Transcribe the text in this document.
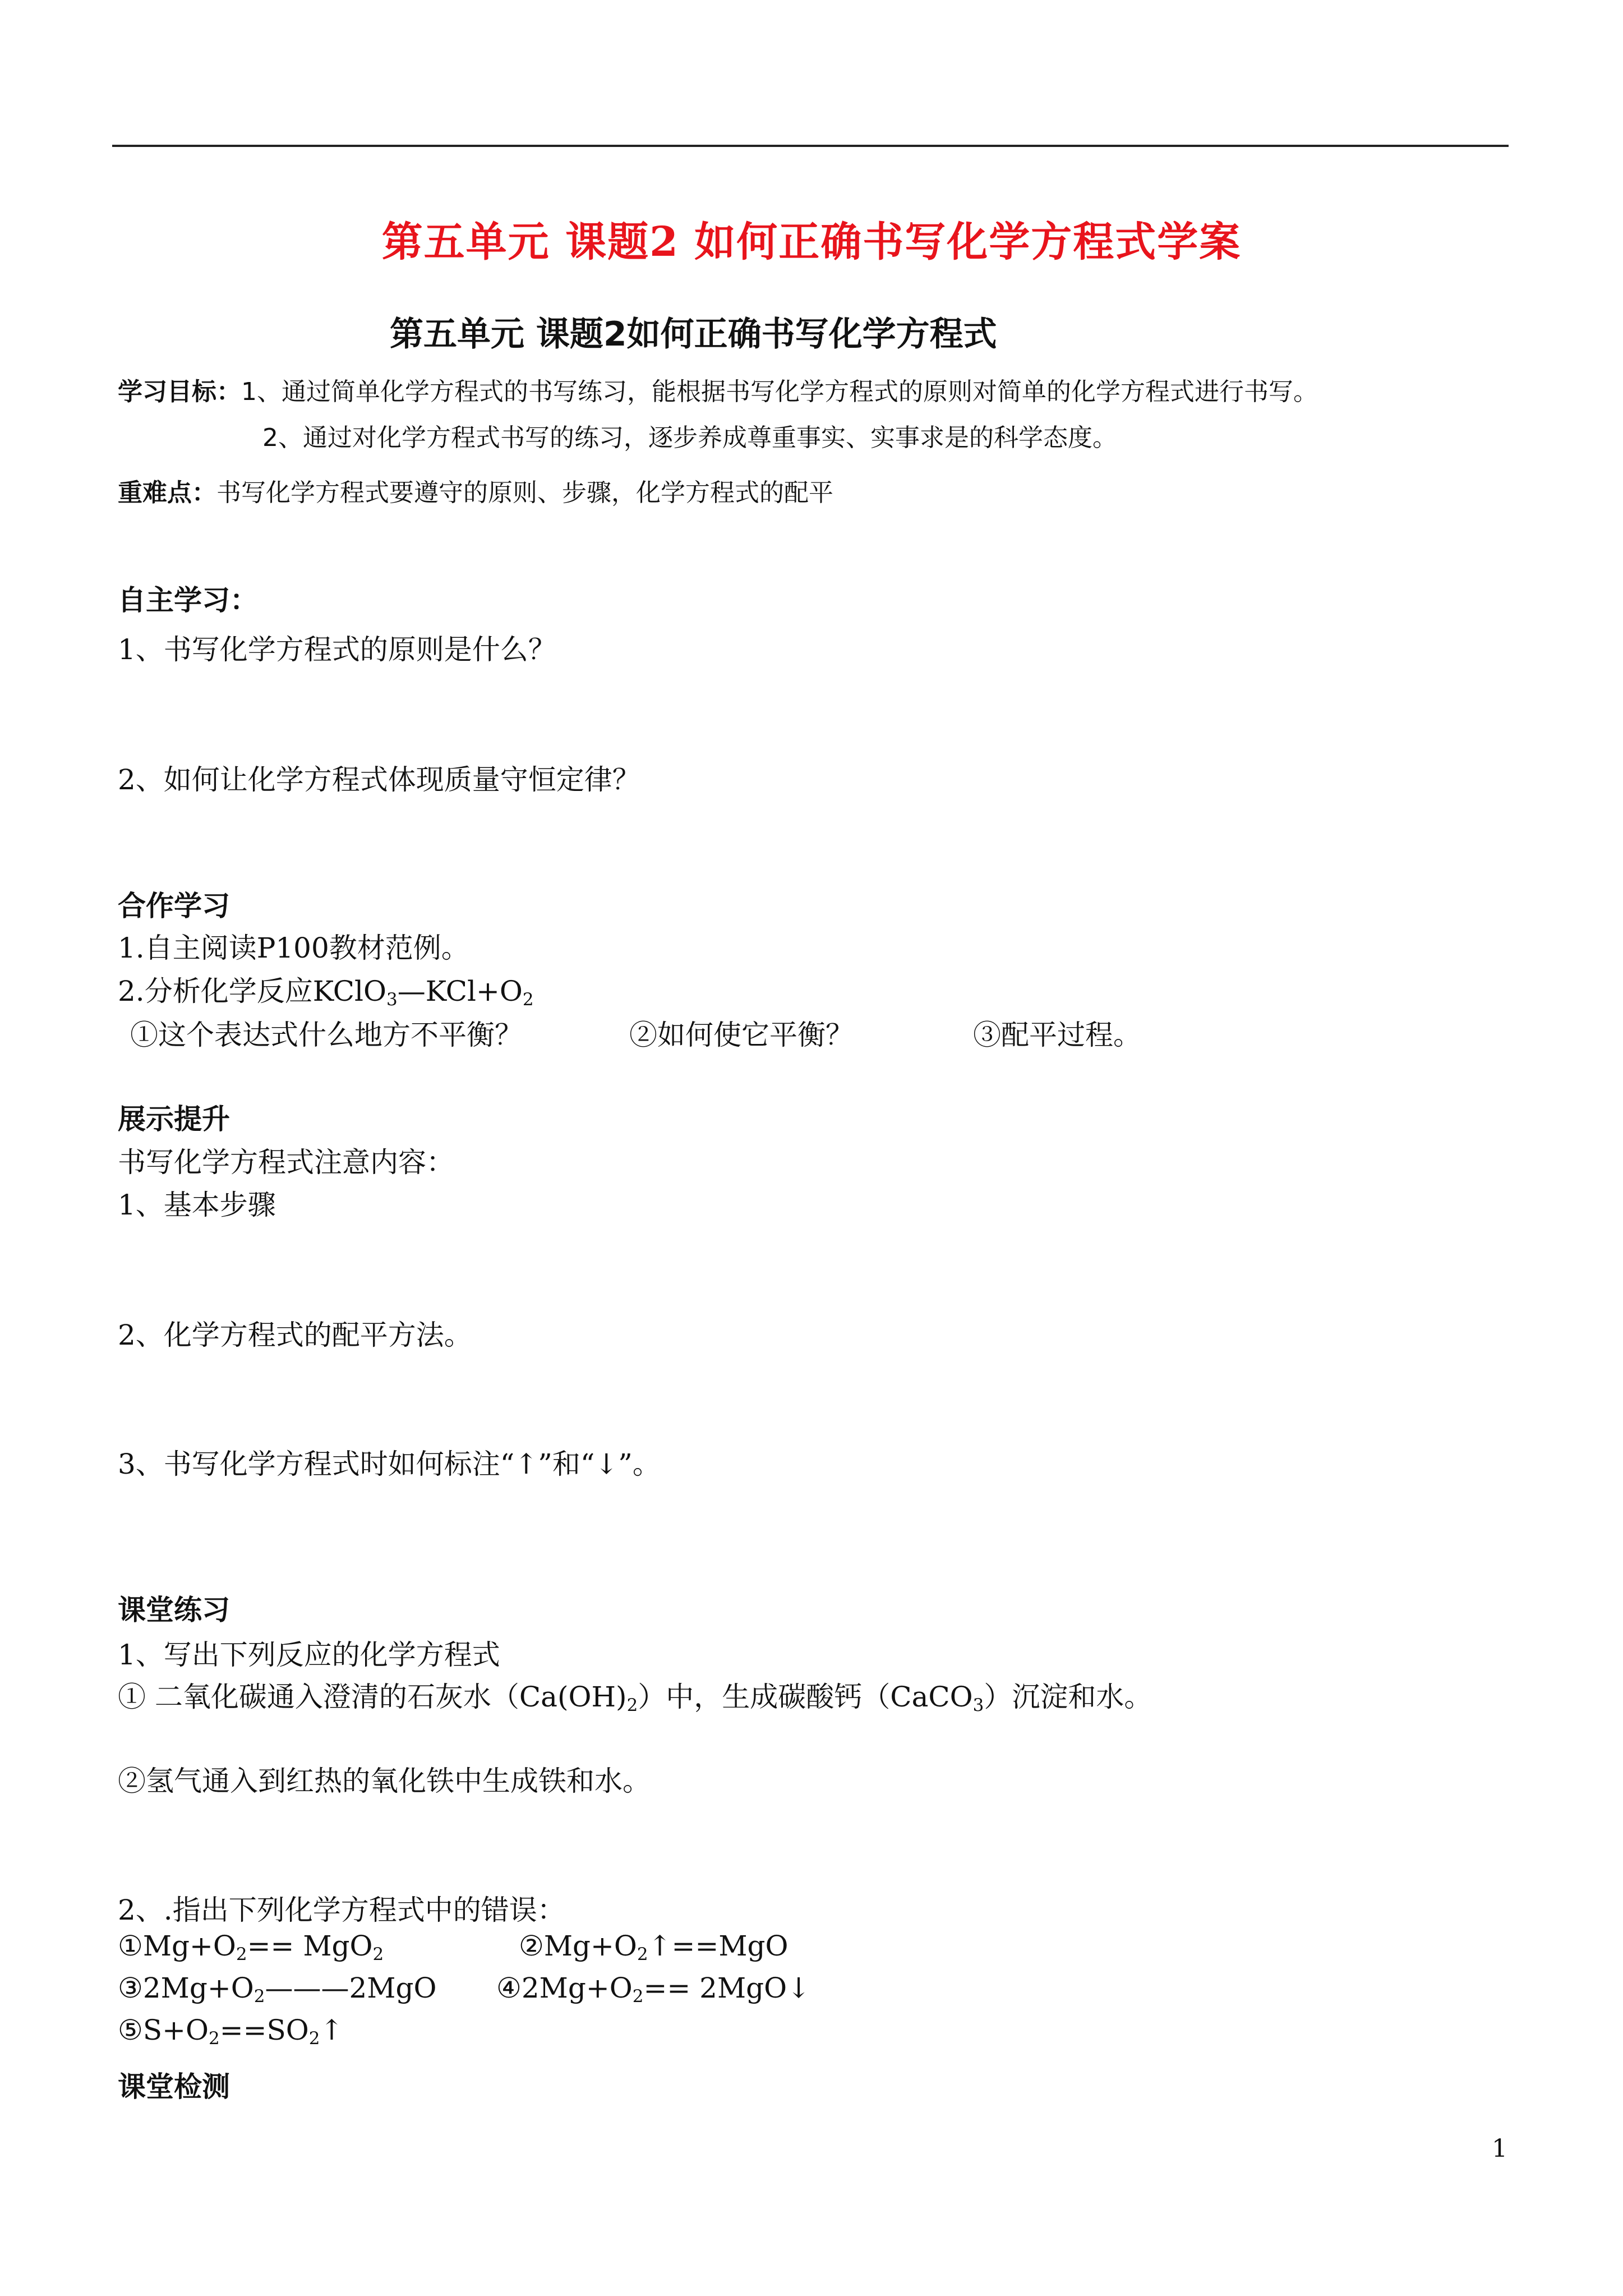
第五单元 课题2 如何正确书写化学方程式学案
第五单元 课题2如何正确书写化学方程式
学习目标：1、通过简单化学方程式的书写练习，能根据书写化学方程式的原则对简单的化学方程式进行书写。
2、通过对化学方程式书写的练习，逐步养成尊重事实、实事求是的科学态度。
重难点：书写化学方程式要遵守的原则、步骤，化学方程式的配平
自主学习：
1、书写化学方程式的原则是什么？
2、如何让化学方程式体现质量守恒定律？
合作学习
1.自主阅读P100教材范例。
2.分析化学反应$KClO_3—KCl+O_2$
①这个表达式什么地方不平衡？	②如何使它平衡？	③配平过程。
展示提升
书写化学方程式注意内容：
1、基本步骤
2、化学方程式的配平方法。
3、书写化学方程式时如何标注“↑”和“↓”。
课堂练习
1、写出下列反应的化学方程式
① 二氧化碳通入澄清的石灰水$(Ca(OH)_2)$中，生成碳酸钙（CaCO$_3$）沉淀和水。
②氢气通入到红热的氧化铁中生成铁和水。
2、.指出下列化学方程式中的错误：
$①Mg+O_2== MgO_2$	$②Mg+O_2↑==MgO$
$③2Mg+O_2———2MgO$ $④2Mg+O_2==$ 2MgO↓
$⑤S+O_2==SO_2↑$
课堂检测
1
